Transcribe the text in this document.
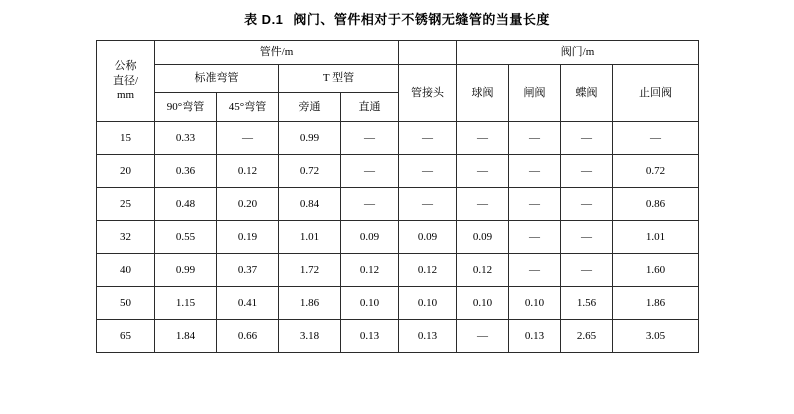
表 D.1 阀门、管件相对于不锈钢无缝管的当量长度
公称
直径/
mm	管件/m					阀门/m			
	标准弯管		T 型管		管接头	球阀	闸阀	蝶阀	止回阀
	90°弯管	45°弯管	旁通	直通					
15	0.33	—	0.99	—	—	—	—	—	—
20	0.36	0.12	0.72	—	—	—	—	—	0.72
25	0.48	0.20	0.84	—	—	—	—	—	0.86
32	0.55	0.19	1.01	0.09	0.09	0.09	—	—	1.01
40	0.99	0.37	1.72	0.12	0.12	0.12	—	—	1.60
50	1.15	0.41	1.86	0.10	0.10	0.10	0.10	1.56	1.86
65	1.84	0.66	3.18	0.13	0.13	—	0.13	2.65	3.05
